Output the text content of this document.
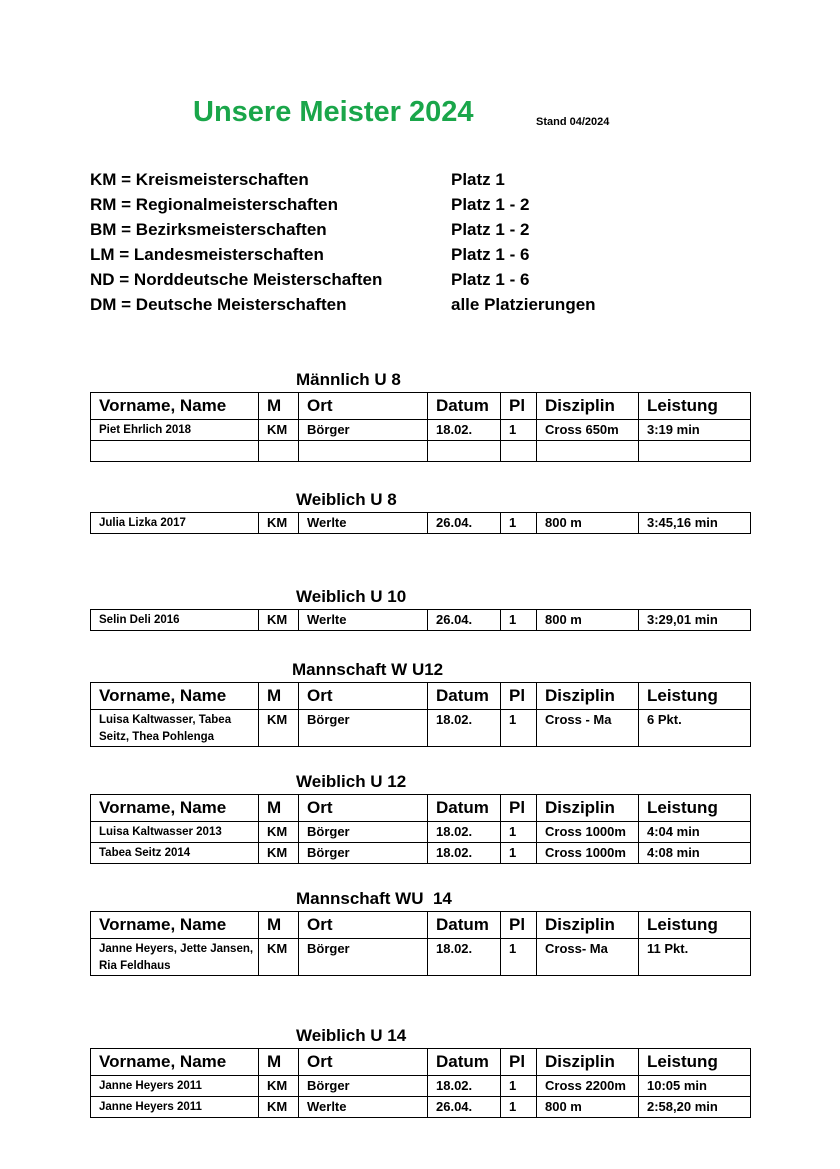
Unsere Meister 2024	Stand 04/2024
KM = Kreismeisterschaften	Platz 1
RM = Regionalmeisterschaften	Platz 1 - 2
BM = Bezirksmeisterschaften	Platz 1 - 2
LM = Landesmeisterschaften	Platz 1 - 6
ND = Norddeutsche Meisterschaften	Platz 1 - 6
DM = Deutsche Meisterschaften	alle Platzierungen
Männlich U 8
Vorname, Name	M	Ort	Datum	Pl	Disziplin	Leistung
Piet Ehrlich 2018	KM	Börger	18.02.	1	Cross 650m	3:19 min

Weiblich U 8
Julia Lizka 2017	KM	Werlte	26.04.	1	800 m	3:45,16 min
Weiblich U 10
Selin Deli 2016	KM	Werlte	26.04.	1	800 m	3:29,01 min
Mannschaft W U12
Vorname, Name	M	Ort	Datum	Pl	Disziplin	Leistung
Luisa Kaltwasser, Tabea Seitz, Thea Pohlenga	KM	Börger	18.02.	1	Cross - Ma	6 Pkt.
Weiblich U 12
Vorname, Name	M	Ort	Datum	Pl	Disziplin	Leistung
Luisa Kaltwasser 2013	KM	Börger	18.02.	1	Cross 1000m	4:04 min
Tabea Seitz 2014	KM	Börger	18.02.	1	Cross 1000m	4:08 min
Mannschaft WU  14
Vorname, Name	M	Ort	Datum	Pl	Disziplin	Leistung
Janne Heyers, Jette Jansen, Ria Feldhaus	KM	Börger	18.02.	1	Cross- Ma	11 Pkt.
Weiblich U 14
Vorname, Name	M	Ort	Datum	Pl	Disziplin	Leistung
Janne Heyers 2011	KM	Börger	18.02.	1	Cross 2200m	10:05 min
Janne Heyers 2011	KM	Werlte	26.04.	1	800 m	2:58,20 min
